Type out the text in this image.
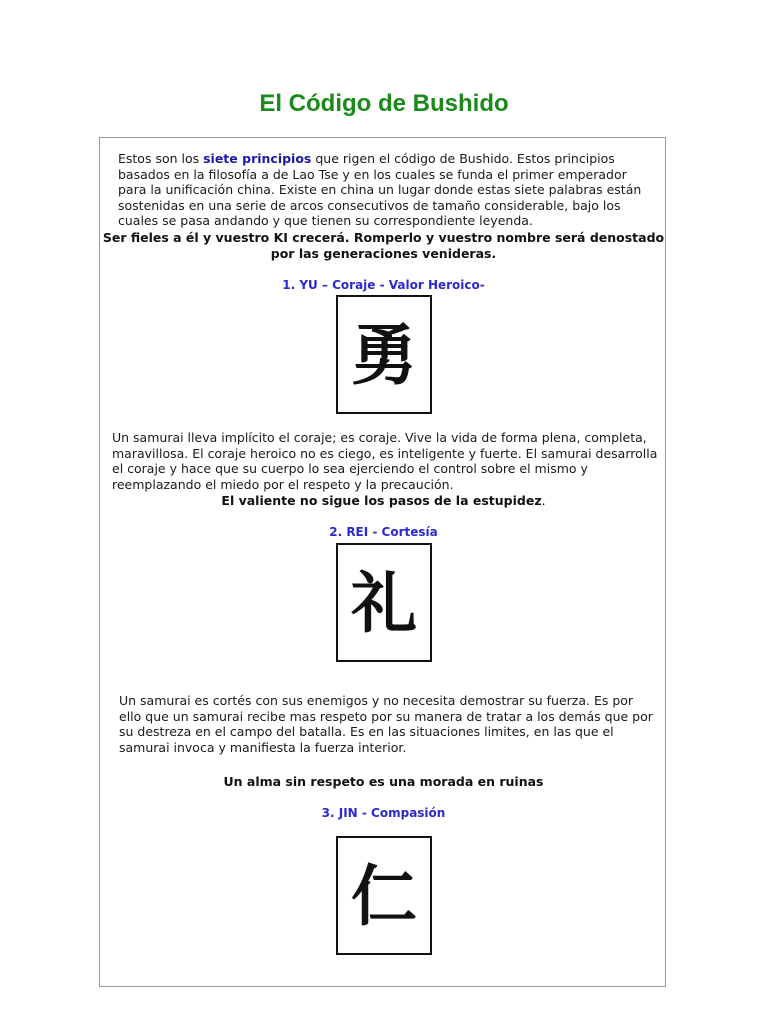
El Código de Bushido

Estos son los siete principios que rigen el código de Bushido. Estos principios basados en la filosofía a de Lao Tse y en los cuales se funda el primer emperador para la unificación china. Existe en china un lugar donde estas siete palabras están sostenidas en una serie de arcos consecutivos de tamaño considerable, bajo los cuales se pasa andando y que tienen su correspondiente leyenda.

Ser fieles a él y vuestro KI crecerá. Romperlo y vuestro nombre será denostado por las generaciones venideras.

1. YU – Coraje - Valor Heroico-

勇

Un samurai lleva implícito el coraje; es coraje. Vive la vida de forma plena, completa, maravillosa. El coraje heroico no es ciego, es inteligente y fuerte. El samurai desarrolla el coraje y hace que su cuerpo lo sea ejerciendo el control sobre el mismo y reemplazando el miedo por el respeto y la precaución.

El valiente no sigue los pasos de la estupidez.

2. REI - Cortesía

礼

Un samurai es cortés con sus enemigos y no necesita demostrar su fuerza. Es por ello que un samurai recibe mas respeto por su manera de tratar a los demás que por su destreza en el campo del batalla. Es en las situaciones limites, en las que el samurai invoca y manifiesta la fuerza interior.

Un alma sin respeto es una morada en ruinas

3. JIN - Compasión

仁
